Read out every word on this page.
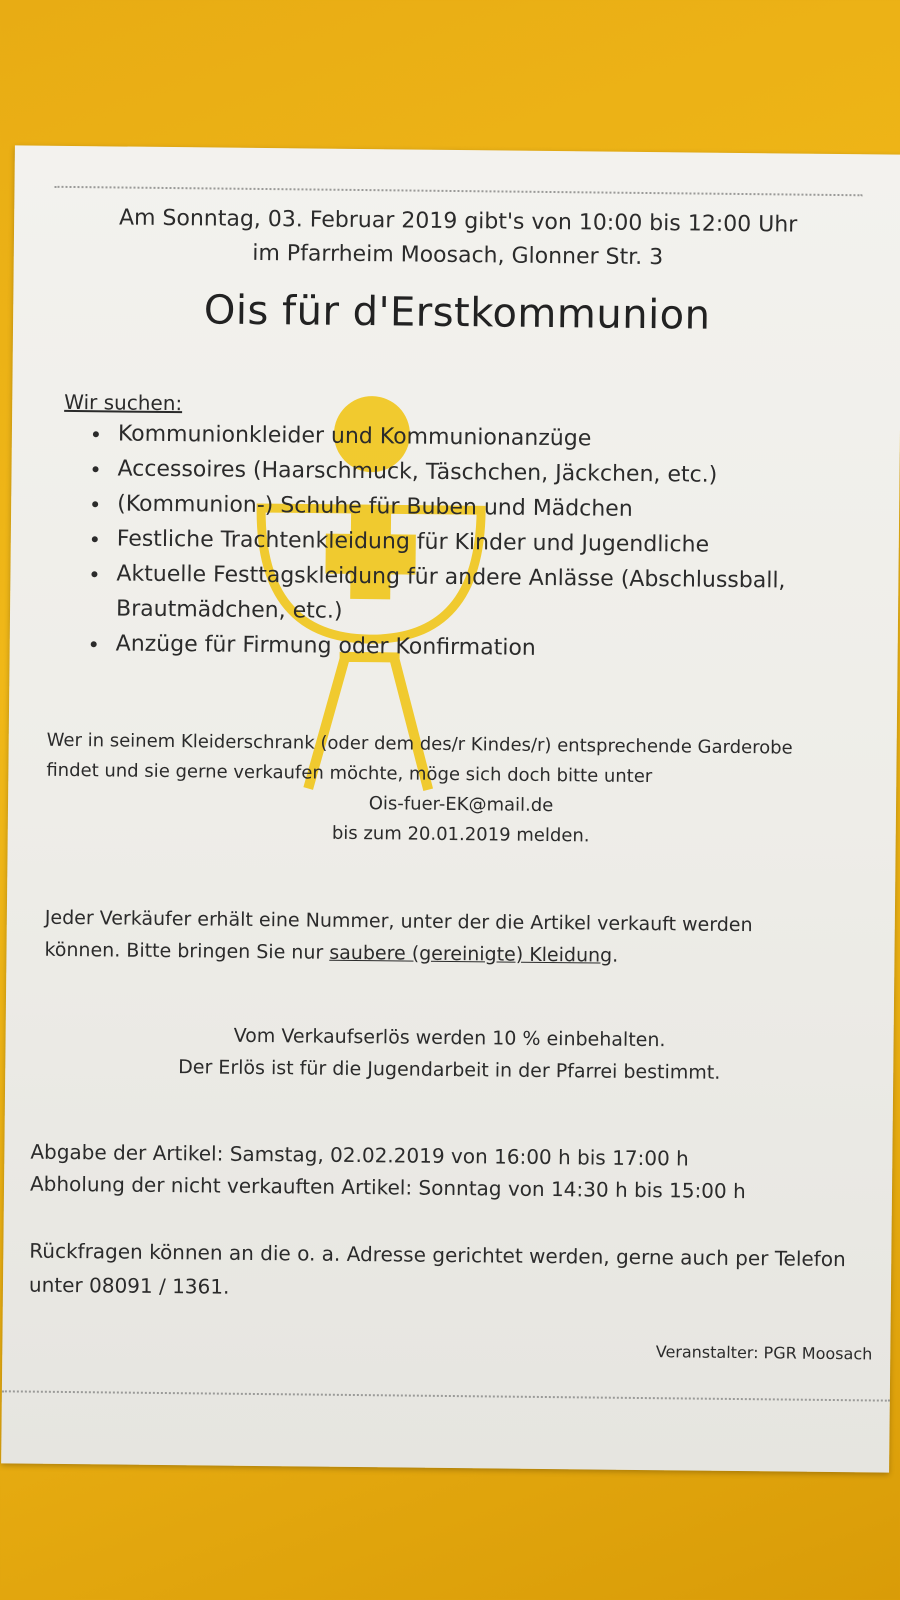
Am Sonntag, 03. Februar 2019 gibt's von 10:00 bis 12:00 Uhr
im Pfarrheim Moosach, Glonner Str. 3
Ois für d'Erstkommunion
Wir suchen:
• Kommunionkleider und Kommunionanzüge
• Accessoires (Haarschmuck, Täschchen, Jäckchen, etc.)
• (Kommunion-) Schuhe für Buben und Mädchen
• Festliche Trachtenkleidung für Kinder und Jugendliche
• Aktuelle Festtagskleidung für andere Anlässe (Abschlussball, Brautmädchen, etc.)
• Anzüge für Firmung oder Konfirmation
Wer in seinem Kleiderschrank (oder dem des/r Kindes/r) entsprechende Garderobe
findet und sie gerne verkaufen möchte, möge sich doch bitte unter
Ois-fuer-EK@mail.de
bis zum 20.01.2019 melden.
Jeder Verkäufer erhält eine Nummer, unter der die Artikel verkauft werden
können. Bitte bringen Sie nur saubere (gereinigte) Kleidung.
Vom Verkaufserlös werden 10 % einbehalten.
Der Erlös ist für die Jugendarbeit in der Pfarrei bestimmt.
Abgabe der Artikel: Samstag, 02.02.2019 von 16:00 h bis 17:00 h
Abholung der nicht verkauften Artikel: Sonntag von 14:30 h bis 15:00 h
Rückfragen können an die o. a. Adresse gerichtet werden, gerne auch per Telefon
unter 08091 / 1361.
Veranstalter: PGR Moosach
